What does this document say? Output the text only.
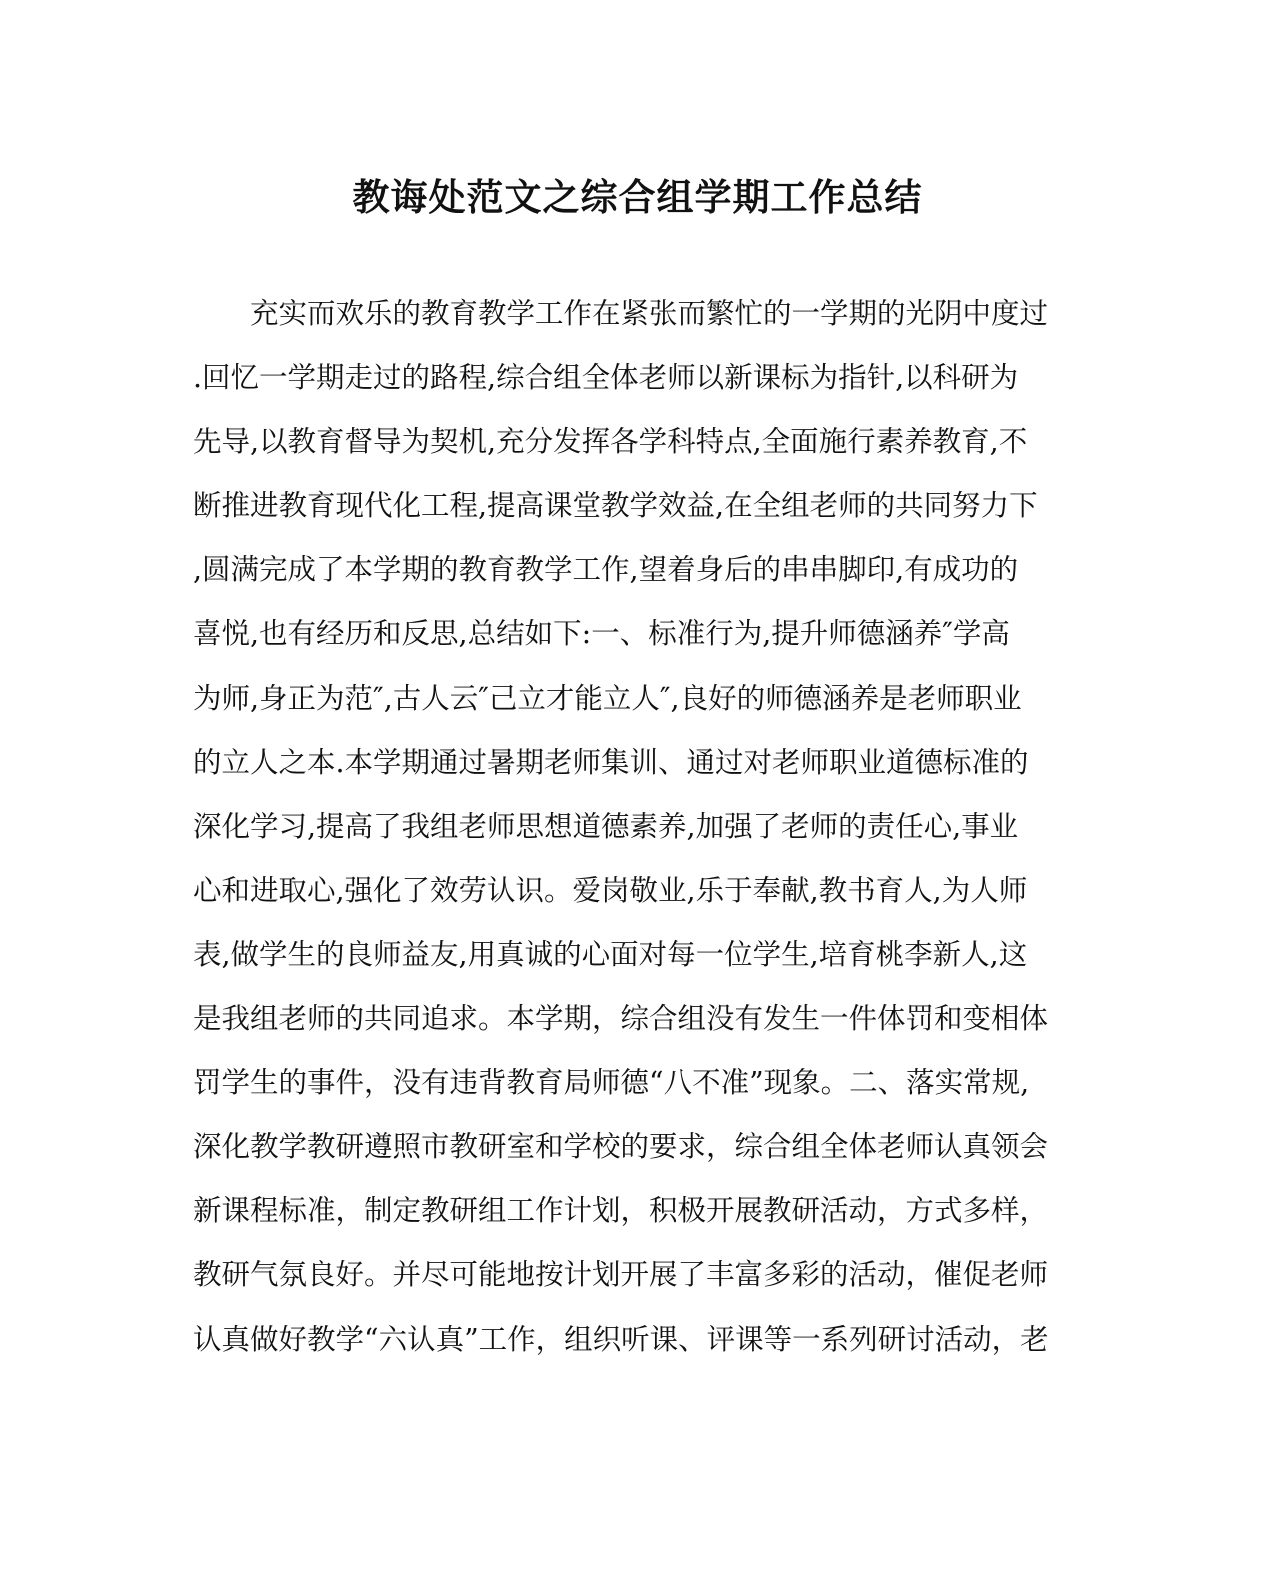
教诲处范文之综合组学期工作总结
充实而欢乐的教育教学工作在紧张而繁忙的一学期的光阴中度过
.回忆一学期走过的路程,综合组全体老师以新课标为指针,以科研为
先导,以教育督导为契机,充分发挥各学科特点,全面施行素养教育,不
断推进教育现代化工程,提高课堂教学效益,在全组老师的共同努力下
,圆满完成了本学期的教育教学工作,望着身后的串串脚印,有成功的
喜悦,也有经历和反思,总结如下:一、标准行为,提升师德涵养″学高
为师,身正为范″,古人云″己立才能立人″,良好的师德涵养是老师职业
的立人之本.本学期通过暑期老师集训、通过对老师职业道德标准的
深化学习,提高了我组老师思想道德素养,加强了老师的责任心,事业
心和进取心,强化了效劳认识。爱岗敬业,乐于奉献,教书育人,为人师
表,做学生的良师益友,用真诚的心面对每一位学生,培育桃李新人,这
是我组老师的共同追求。本学期，综合组没有发生一件体罚和变相体
罚学生的事件，没有违背教育局师德“八不准”现象。二、落实常规,
深化教学教研遵照市教研室和学校的要求，综合组全体老师认真领会
新课程标准，制定教研组工作计划，积极开展教研活动，方式多样，
教研气氛良好。并尽可能地按计划开展了丰富多彩的活动，催促老师
认真做好教学“六认真”工作，组织听课、评课等一系列研讨活动，老
